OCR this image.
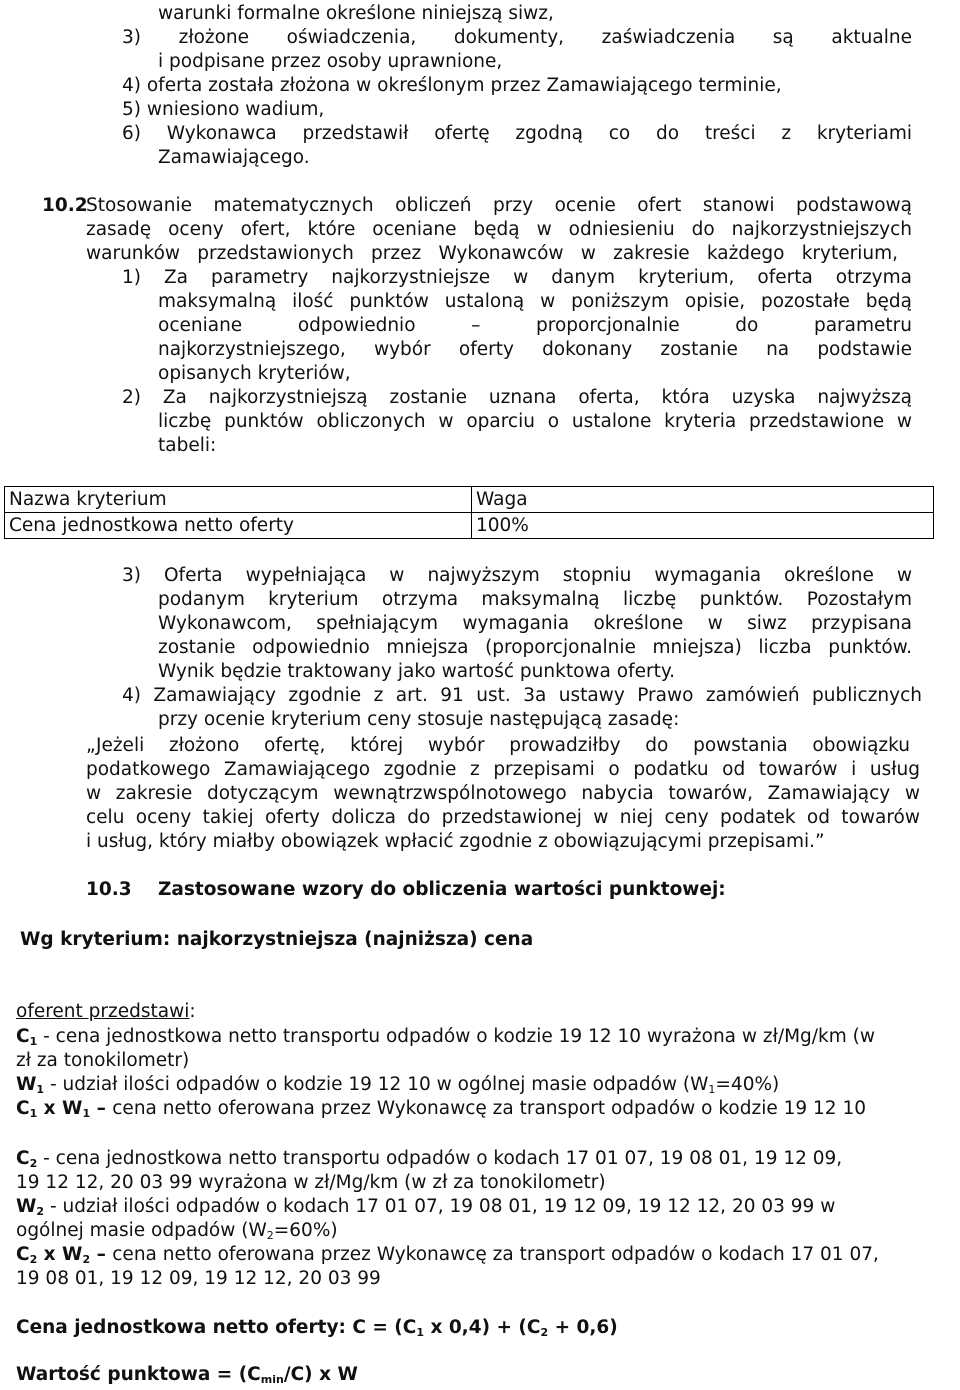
warunki formalne określone niniejszą siwz,
3) złożone oświadczenia, dokumenty, zaświadczenia są aktualne
i podpisane przez osoby uprawnione,
4) oferta została złożona w określonym przez Zamawiającego terminie,
5) wniesiono wadium,
6) Wykonawca przedstawił ofertę zgodną co do treści z kryteriami
Zamawiającego.
10.2
Stosowanie matematycznych obliczeń przy ocenie ofert stanowi podstawową
zasadę oceny ofert, które oceniane będą w odniesieniu do najkorzystniejszych
warunków przedstawionych przez Wykonawców w zakresie każdego kryterium,
1) Za parametry najkorzystniejsze w danym kryterium, oferta otrzyma
maksymalną ilość punktów ustaloną w poniższym opisie, pozostałe będą
oceniane odpowiednio – proporcjonalnie do parametru
najkorzystniejszego, wybór oferty dokonany zostanie na podstawie
opisanych kryteriów,
2) Za najkorzystniejszą zostanie uznana oferta, która uzyska najwyższą
liczbę punktów obliczonych w oparciu o ustalone kryteria przedstawione w
tabeli:
Nazwa kryterium	Waga
Cena jednostkowa netto oferty	100%
3) Oferta wypełniająca w najwyższym stopniu wymagania określone w
podanym kryterium otrzyma maksymalną liczbę punktów. Pozostałym
Wykonawcom, spełniającym wymagania określone w siwz przypisana
zostanie odpowiednio mniejsza (proporcjonalnie mniejsza) liczba punktów.
Wynik będzie traktowany jako wartość punktowa oferty.
4) Zamawiający zgodnie z art. 91 ust. 3a ustawy Prawo zamówień publicznych
przy ocenie kryterium ceny stosuje następującą zasadę:
„Jeżeli złożono ofertę, której wybór prowadziłby do powstania obowiązku
podatkowego Zamawiającego zgodnie z przepisami o podatku od towarów i usług
w zakresie dotyczącym wewnątrzwspólnotowego nabycia towarów, Zamawiający w
celu oceny takiej oferty dolicza do przedstawionej w niej ceny podatek od towarów
i usług, który miałby obowiązek wpłacić zgodnie z obowiązującymi przepisami.”
10.3 Zastosowane wzory do obliczenia wartości punktowej:
Wg kryterium: najkorzystniejsza (najniższa) cena
oferent przedstawi:
$C_1$ - cena jednostkowa netto transportu odpadów o kodzie 19 12 10 wyrażona w zł/Mg/km (w
zł za tonokilometr)
$W_1$ - udział ilości odpadów o kodzie 19 12 10 w ogólnej masie odpadów $(W_1=40\%)$
$C_1$ x $W_1$ – cena netto oferowana przez Wykonawcę za transport odpadów o kodzie 19 12 10
$C_2$ - cena jednostkowa netto transportu odpadów o kodach 17 01 07, 19 08 01, 19 12 09,
19 12 12, 20 03 99 wyrażona w zł/Mg/km (w zł za tonokilometr)
$W_2$ - udział ilości odpadów o kodach 17 01 07, 19 08 01, 19 12 09, 19 12 12, 20 03 99 w
ogólnej masie odpadów $(W_2=60\%)$
$C_2$ x $W_2$ – cena netto oferowana przez Wykonawcę za transport odpadów o kodach 17 01 07,
19 08 01, 19 12 09, 19 12 12, 20 03 99
Cena jednostkowa netto oferty: $C = (C_1$ x $0,4) + (C_2 + 0,6)$
Wartość punktowa = $(C_{min}/C)$ x W
